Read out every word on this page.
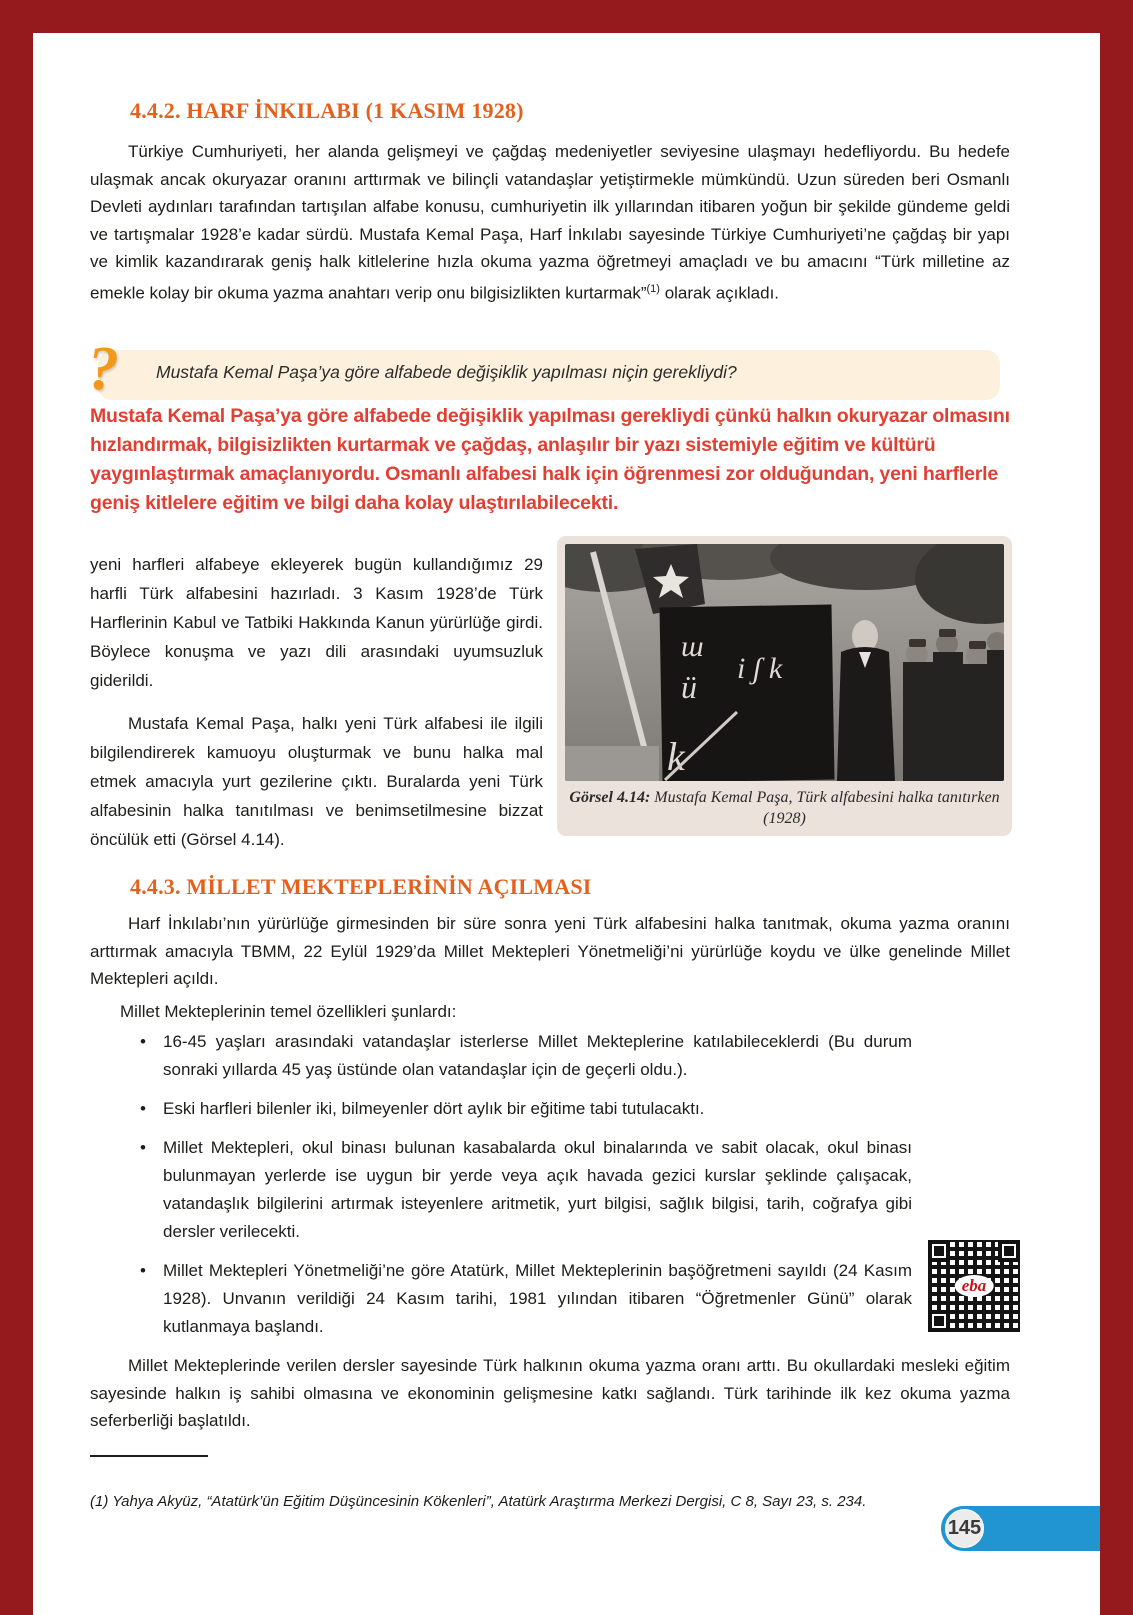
4.4.2. HARF İNKILABI (1 KASIM 1928)

Türkiye Cumhuriyeti, her alanda gelişmeyi ve çağdaş medeniyetler seviyesine ulaşmayı hedefliyordu. Bu hedefe ulaşmak ancak okuryazar oranını arttırmak ve bilinçli vatandaşlar yetiştirmekle mümkündü. Uzun süreden beri Osmanlı Devleti aydınları tarafından tartışılan alfabe konusu, cumhuriyetin ilk yıllarından itibaren yoğun bir şekilde gündeme geldi ve tartışmalar 1928’e kadar sürdü. Mustafa Kemal Paşa, Harf İnkılabı sayesinde Türkiye Cumhuriyeti’ne çağdaş bir yapı ve kimlik kazandırarak geniş halk kitlelerine hızla okuma yazma öğretmeyi amaçladı ve bu amacını “Türk milletine az emekle kolay bir okuma yazma anahtarı verip onu bilgisizlikten kurtarmak”$^{(1)}$ olarak açıkladı.

Mustafa Kemal Paşa’ya göre alfabede değişiklik yapılması niçin gerekliydi?
?
Mustafa Kemal Paşa’ya göre alfabede değişiklik yapılması gerekliydi çünkü halkın okuryazar olmasını hızlandırmak, bilgisizlikten kurtarmak ve çağdaş, anlaşılır bir yazı sistemiyle eğitim ve kültürü yaygınlaştırmak amaçlanıyordu. Osmanlı alfabesi halk için öğrenmesi zor olduğundan, yeni harflerle geniş kitlelere eğitim ve bilgi daha kolay ulaştırılabilecekti.
ш
ü
i ʃ k
k
Görsel 4.14: Mustafa Kemal Paşa, Türk alfabesini halka tanıtırken (1928)

yeni harfleri alfabeye ekleyerek bugün kullandığımız 29 harfli Türk alfabesini hazırladı. 3 Kasım 1928’de Türk Harflerinin Kabul ve Tatbiki Hakkında Kanun yürürlüğe girdi. Böylece konuşma ve yazı dili arasındaki uyumsuzluk giderildi.

Mustafa Kemal Paşa, halkı yeni Türk alfabesi ile ilgili bilgilendirerek kamuoyu oluşturmak ve bunu halka mal etmek amacıyla yurt gezilerine çıktı. Buralarda yeni Türk alfabesinin halka tanıtılması ve benimsetilmesine bizzat öncülük etti (Görsel 4.14).

4.4.3. MİLLET MEKTEPLERİNİN AÇILMASI

Harf İnkılabı’nın yürürlüğe girmesinden bir süre sonra yeni Türk alfabesini halka tanıtmak, okuma yazma oranını arttırmak amacıyla TBMM, 22 Eylül 1929’da Millet Mektepleri Yönetmeliği’ni yürürlüğe koydu ve ülke genelinde Millet Mektepleri açıldı.

Millet Mekteplerinin temel özellikleri şunlardı:

eba
• 16-45 yaşları arasındaki vatandaşlar isterlerse Millet Mekteplerine katılabileceklerdi (Bu durum sonraki yıllarda 45 yaş üstünde olan vatandaşlar için de geçerli oldu.).
• Eski harfleri bilenler iki, bilmeyenler dört aylık bir eğitime tabi tutulacaktı.
• Millet Mektepleri, okul binası bulunan kasabalarda okul binalarında ve sabit olacak, okul binası bulunmayan yerlerde ise uygun bir yerde veya açık havada gezici kurslar şeklinde çalışacak, vatandaşlık bilgilerini artırmak isteyenlere aritmetik, yurt bilgisi, sağlık bilgisi, tarih, coğrafya gibi dersler verilecekti.
• Millet Mektepleri Yönetmeliği’ne göre Atatürk, Millet Mekteplerinin başöğretmeni sayıldı (24 Kasım 1928). Unvanın verildiği 24 Kasım tarihi, 1981 yılından itibaren “Öğretmenler Günü” olarak kutlanmaya başlandı.

Millet Mekteplerinde verilen dersler sayesinde Türk halkının okuma yazma oranı arttı. Bu okullardaki mesleki eğitim sayesinde halkın iş sahibi olmasına ve ekonominin gelişmesine katkı sağlandı. Türk tarihinde ilk kez okuma yazma seferberliği başlatıldı.

(1) Yahya Akyüz, “Atatürk’ün Eğitim Düşüncesinin Kökenleri”, Atatürk Araştırma Merkezi Dergisi, C 8, Sayı 23, s. 234.

145
